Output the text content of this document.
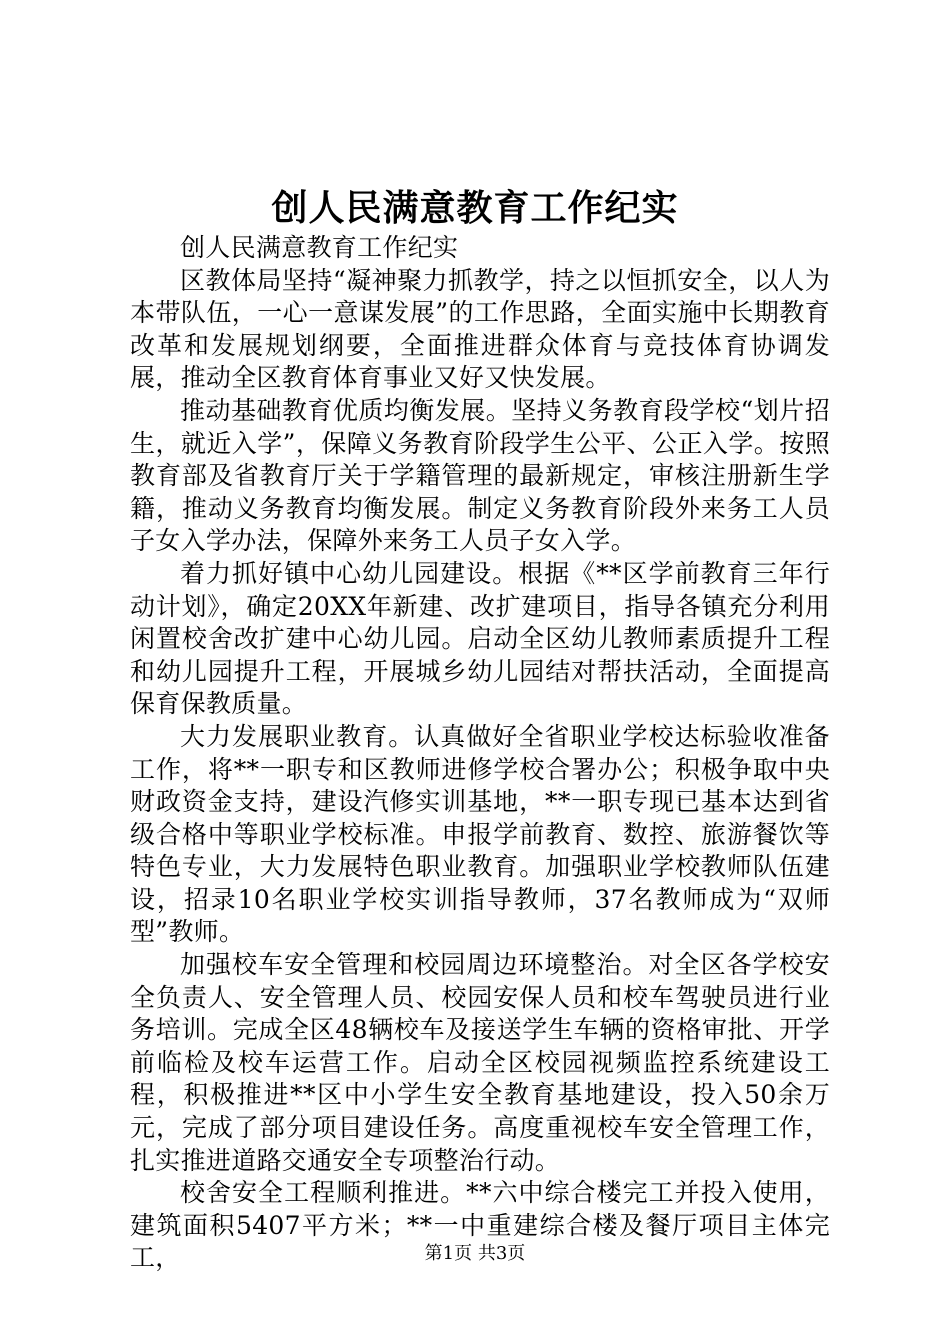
创人民满意教育工作纪实

创人民满意教育工作纪实

区教体局坚持“凝神聚力抓教学，持之以恒抓安全，以人为本带队伍，一心一意谋发展”的工作思路，全面实施中长期教育改革和发展规划纲要，全面推进群众体育与竞技体育协调发展，推动全区教育体育事业又好又快发展。

推动基础教育优质均衡发展。坚持义务教育段学校“划片招生，就近入学”，保障义务教育阶段学生公平、公正入学。按照教育部及省教育厅关于学籍管理的最新规定，审核注册新生学籍，推动义务教育均衡发展。制定义务教育阶段外来务工人员子女入学办法，保障外来务工人员子女入学。

着力抓好镇中心幼儿园建设。根据《**区学前教育三年行动计划》，确定20XX年新建、改扩建项目，指导各镇充分利用闲置校舍改扩建中心幼儿园。启动全区幼儿教师素质提升工程和幼儿园提升工程，开展城乡幼儿园结对帮扶活动，全面提高保育保教质量。

大力发展职业教育。认真做好全省职业学校达标验收准备工作，将**一职专和区教师进修学校合署办公；积极争取中央财政资金支持，建设汽修实训基地，**一职专现已基本达到省级合格中等职业学校标准。申报学前教育、数控、旅游餐饮等特色专业，大力发展特色职业教育。加强职业学校教师队伍建设，招录10名职业学校实训指导教师，37名教师成为“双师型”教师。

加强校车安全管理和校园周边环境整治。对全区各学校安全负责人、安全管理人员、校园安保人员和校车驾驶员进行业务培训。完成全区48辆校车及接送学生车辆的资格审批、开学前临检及校车运营工作。启动全区校园视频监控系统建设工程，积极推进**区中小学生安全教育基地建设，投入50余万元，完成了部分项目建设任务。高度重视校车安全管理工作，扎实推进道路交通安全专项整治行动。

校舍安全工程顺利推进。**六中综合楼完工并投入使用，建筑面积5407平方米；**一中重建综合楼及餐厅项目主体完工，	第1页 共3页
